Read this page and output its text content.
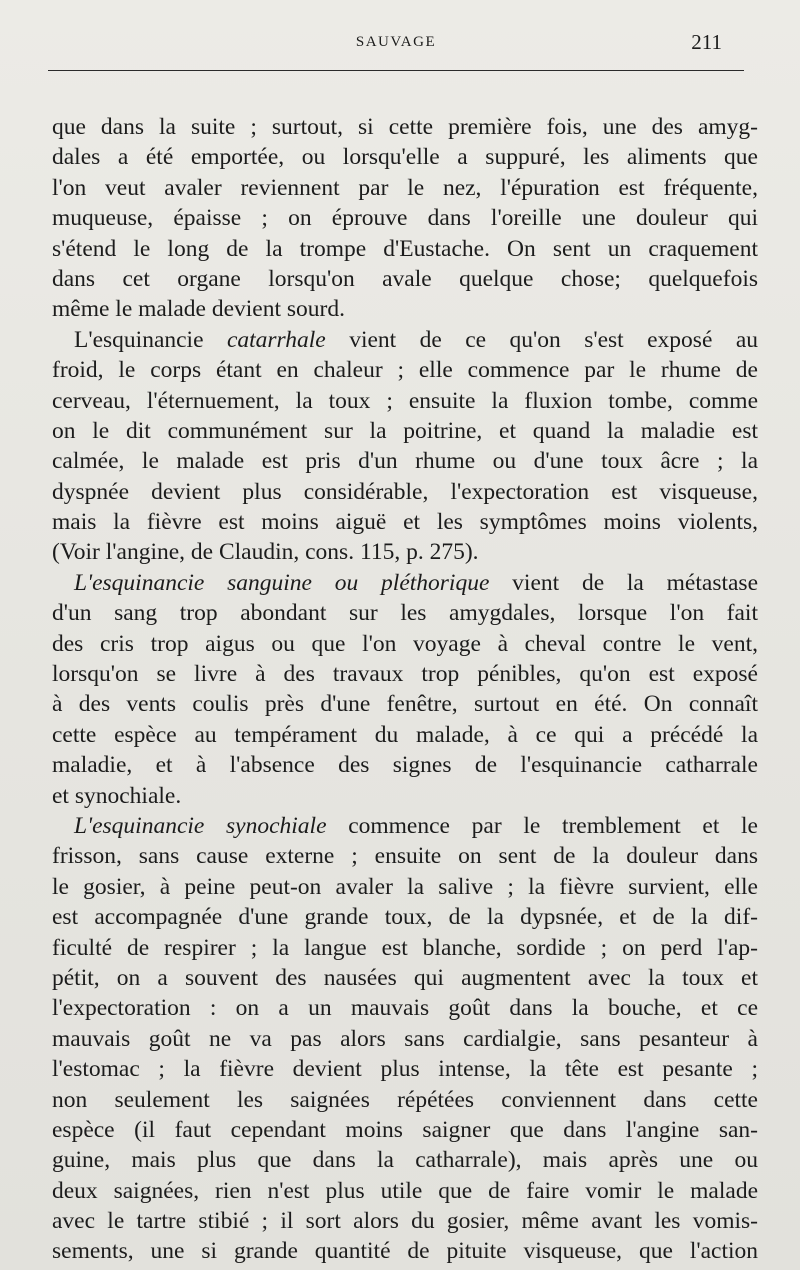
SAUVAGE	211
que dans la suite ; surtout, si cette première fois, une des amyg-
dales a été emportée, ou lorsqu'elle a suppuré, les aliments que
l'on veut avaler reviennent par le nez, l'épuration est fréquente,
muqueuse, épaisse ; on éprouve dans l'oreille une douleur qui
s'étend le long de la trompe d'Eustache. On sent un craquement
dans cet organe lorsqu'on avale quelque chose; quelquefois
même le malade devient sourd.
L'esquinancie catarrhale vient de ce qu'on s'est exposé au
froid, le corps étant en chaleur ; elle commence par le rhume de
cerveau, l'éternuement, la toux ; ensuite la fluxion tombe, comme
on le dit communément sur la poitrine, et quand la maladie est
calmée, le malade est pris d'un rhume ou d'une toux âcre ; la
dyspnée devient plus considérable, l'expectoration est visqueuse,
mais la fièvre est moins aiguë et les symptômes moins violents,
(Voir l'angine, de Claudin, cons. 115, p. 275).
L'esquinancie sanguine ou pléthorique vient de la métastase
d'un sang trop abondant sur les amygdales, lorsque l'on fait
des cris trop aigus ou que l'on voyage à cheval contre le vent,
lorsqu'on se livre à des travaux trop pénibles, qu'on est exposé
à des vents coulis près d'une fenêtre, surtout en été. On connaît
cette espèce au tempérament du malade, à ce qui a précédé la
maladie, et à l'absence des signes de l'esquinancie catharrale
et synochiale.
L'esquinancie synochiale commence par le tremblement et le
frisson, sans cause externe ; ensuite on sent de la douleur dans
le gosier, à peine peut-on avaler la salive ; la fièvre survient, elle
est accompagnée d'une grande toux, de la dypsnée, et de la dif-
ficulté de respirer ; la langue est blanche, sordide ; on perd l'ap-
pétit, on a souvent des nausées qui augmentent avec la toux et
l'expectoration : on a un mauvais goût dans la bouche, et ce
mauvais goût ne va pas alors sans cardialgie, sans pesanteur à
l'estomac ; la fièvre devient plus intense, la tête est pesante ;
non seulement les saignées répétées conviennent dans cette
espèce (il faut cependant moins saigner que dans l'angine san-
guine, mais plus que dans la catharrale), mais après une ou
deux saignées, rien n'est plus utile que de faire vomir le malade
avec le tartre stibié ; il sort alors du gosier, même avant les vomis-
sements, une si grande quantité de pituite visqueuse, que l'action
